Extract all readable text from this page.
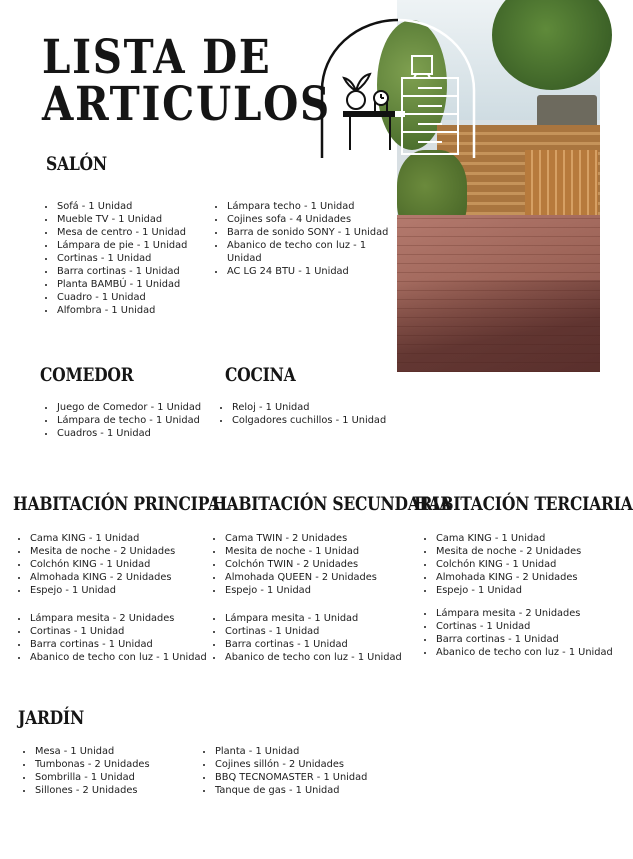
LISTA DE
ARTICULOS
SALÓN
• Sofá - 1 Unidad
• Mueble TV - 1 Unidad
• Mesa de centro - 1 Unidad
• Lámpara de pie - 1 Unidad
• Cortinas - 1 Unidad
• Barra cortinas - 1 Unidad
• Planta BAMBÚ - 1 Unidad
• Cuadro - 1 Unidad
• Alfombra - 1 Unidad
• Lámpara techo - 1 Unidad
• Cojines sofa - 4 Unidades
• Barra de sonido SONY - 1 Unidad
• Abanico de techo con luz - 1 Unidad
• AC LG 24 BTU - 1 Unidad
COMEDOR
• Juego de Comedor - 1 Unidad
• Lámpara de techo - 1 Unidad
• Cuadros - 1 Unidad
COCINA
• Reloj - 1 Unidad
• Colgadores cuchillos - 1 Unidad
HABITACIÓN PRINCIPAL
• Cama KING - 1 Unidad
• Mesita de noche - 2 Unidades
• Colchón KING - 1 Unidad
• Almohada KING - 2 Unidades
• Espejo - 1 Unidad
• Lámpara mesita - 2 Unidades
• Cortinas - 1 Unidad
• Barra cortinas - 1 Unidad
• Abanico de techo con luz - 1 Unidad
HABITACIÓN SECUNDARIA
• Cama TWIN - 2 Unidades
• Mesita de noche - 1 Unidad
• Colchón TWIN - 2 Unidades
• Almohada QUEEN - 2 Unidades
• Espejo - 1 Unidad
• Lámpara mesita - 1 Unidad
• Cortinas - 1 Unidad
• Barra cortinas - 1 Unidad
• Abanico de techo con luz - 1 Unidad
HABITACIÓN TERCIARIA
• Cama KING - 1 Unidad
• Mesita de noche - 2 Unidades
• Colchón KING - 1 Unidad
• Almohada KING - 2 Unidades
• Espejo - 1 Unidad
• Lámpara mesita - 2 Unidades
• Cortinas - 1 Unidad
• Barra cortinas - 1 Unidad
• Abanico de techo con luz - 1 Unidad
JARDÍN
• Mesa - 1 Unidad
• Tumbonas - 2 Unidades
• Sombrilla - 1 Unidad
• Sillones - 2 Unidades
• Planta - 1 Unidad
• Cojines sillón - 2 Unidades
• BBQ TECNOMASTER - 1 Unidad
• Tanque de gas - 1 Unidad
